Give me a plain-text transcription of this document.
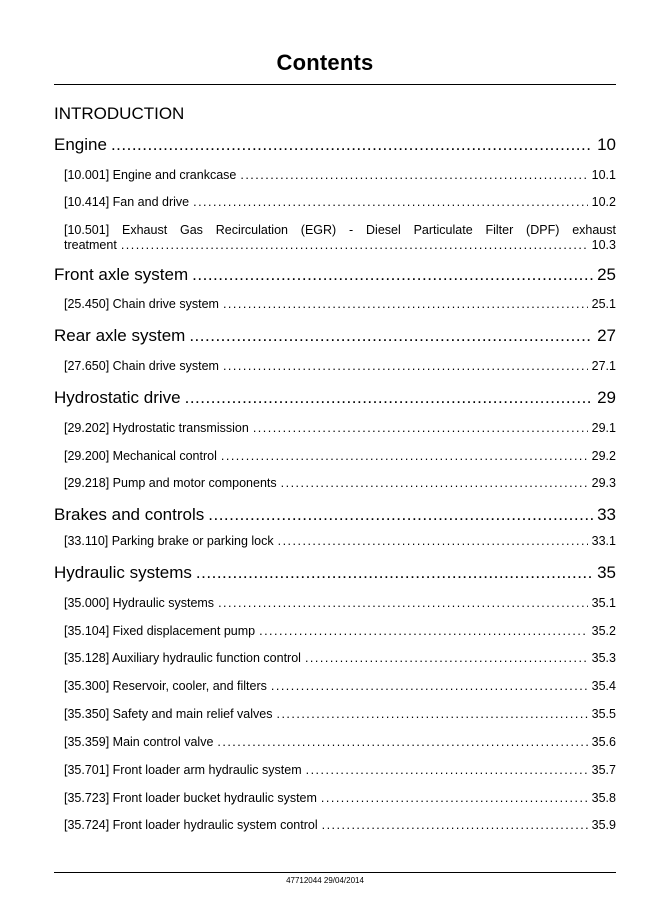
Contents
INTRODUCTION
Engine .....	10
[10.001] Engine and crankcase .....	10.1
[10.414] Fan and drive .....	10.2
[10.501] Exhaust Gas Recirculation (EGR) - Diesel Particulate Filter (DPF) exhaust
treatment .....	10.3
Front axle system .....	25
[25.450] Chain drive system .....	25.1
Rear axle system .....	27
[27.650] Chain drive system .....	27.1
Hydrostatic drive .....	29
[29.202] Hydrostatic transmission .....	29.1
[29.200] Mechanical control .....	29.2
[29.218] Pump and motor components .....	29.3
Brakes and controls .....	33
[33.110] Parking brake or parking lock .....	33.1
Hydraulic systems .....	35
[35.000] Hydraulic systems .....	35.1
[35.104] Fixed displacement pump .....	35.2
[35.128] Auxiliary hydraulic function control .....	35.3
[35.300] Reservoir, cooler, and filters .....	35.4
[35.350] Safety and main relief valves .....	35.5
[35.359] Main control valve .....	35.6
[35.701] Front loader arm hydraulic system .....	35.7
[35.723] Front loader bucket hydraulic system .....	35.8
[35.724] Front loader hydraulic system control .....	35.9
47712044 29/04/2014
